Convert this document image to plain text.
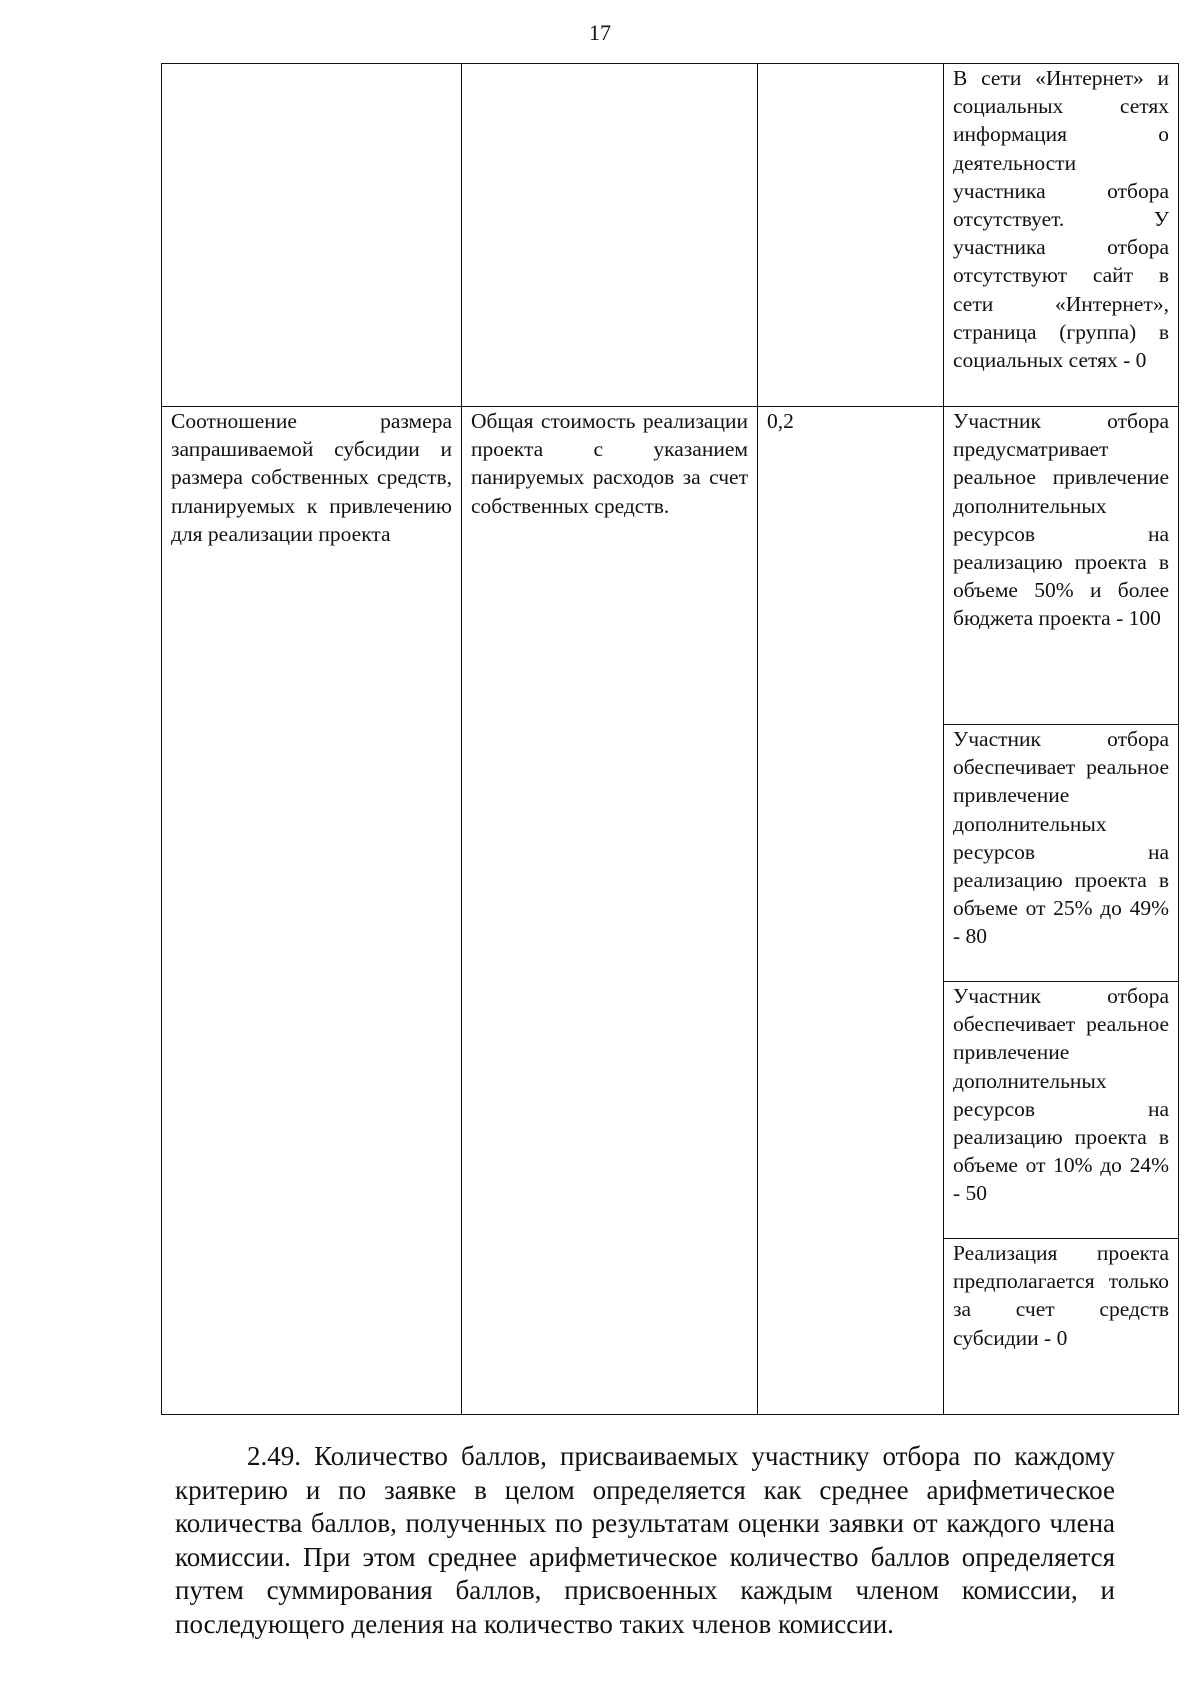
17
			В сети «Интернет» и социальных сетях информация о деятельности участника отбора отсутствует. У участника отбора отсутствуют сайт в сети «Интернет», страница (группа) в социальных сетях - 0
Соотношение размера запрашиваемой субсидии и размера собственных средств, планируемых к привлечению для реализации проекта	Общая стоимость реализации проекта с указанием панируемых расходов за счет собственных средств.	0,2	Участник отбора предусматривает реальное привлечение дополнительных ресурсов на реализацию проекта в объеме 50% и более бюджета проекта - 100
			Участник отбора обеспечивает реальное привлечение дополнительных ресурсов на реализацию проекта в объеме от 25% до 49% - 80
			Участник отбора обеспечивает реальное привлечение дополнительных ресурсов на реализацию проекта в объеме от 10% до 24% - 50
			Реализация проекта предполагается только за счет средств субсидии - 0

2.49. Количество баллов, присваиваемых участнику отбора по каждому критерию и по заявке в целом определяется как среднее арифметическое количества баллов, полученных по результатам оценки заявки от каждого члена комиссии. При этом среднее арифметическое количество баллов определяется путем суммирования баллов, присвоенных каждым членом комиссии, и последующего деления на количество таких членов комиссии.
